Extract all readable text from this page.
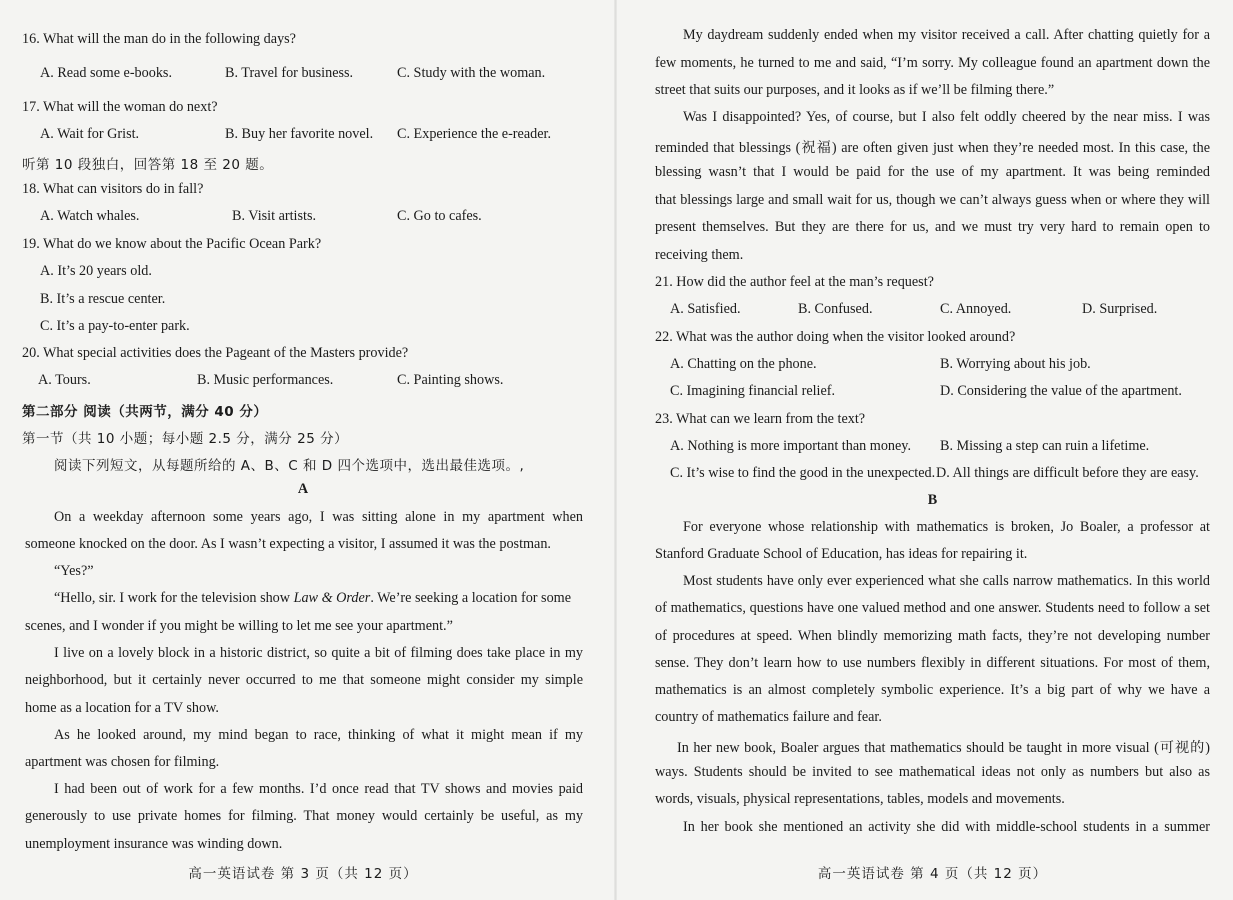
16. What will the man do in the following days?
A. Read some e-books.	B. Travel for business.	C. Study with the woman.
17. What will the woman do next?
A. Wait for Grist.	B. Buy her favorite novel. C. Experience the e-reader.
听第 10 段独白，回答第 18 至 20 题。
18. What can visitors do in fall?
A. Watch whales.	B. Visit artists.	C. Go to cafes.
19. What do we know about the Pacific Ocean Park?
A. It’s 20 years old.
B. It’s a rescue center.
C. It’s a pay-to-enter park.
20. What special activities does the Pageant of the Masters provide?
A. Tours.	B. Music performances.	C. Painting shows.
第二部分 阅读（共两节，满分 40 分）
第一节（共 10 小题；每小题 2.5 分，满分 25 分）
阅读下列短文，从每题所给的 A、B、C 和 D 四个选项中，选出最佳选项。,
A
On a weekday afternoon some years ago, I was sitting alone in my apartment when
someone knocked on the door. As I wasn’t expecting a visitor, I assumed it was the postman.
“Yes?”
“Hello, sir. I work for the television show Law & Order. We’re seeking a location for some
scenes, and I wonder if you might be willing to let me see your apartment.”
I live on a lovely block in a historic district, so quite a bit of filming does take place in my
neighborhood, but it certainly never occurred to me that someone might consider my simple
home as a location for a TV show.
As he looked around, my mind began to race, thinking of what it might mean if my
apartment was chosen for filming.
I had been out of work for a few months. I’d once read that TV shows and movies paid
generously to use private homes for filming. That money would certainly be useful, as my
unemployment insurance was winding down.
高一英语试卷 第 3 页（共 12 页）
My daydream suddenly ended when my visitor received a call. After chatting quietly for a
few moments, he turned to me and said, “I’m sorry. My colleague found an apartment down the
street that suits our purposes, and it looks as if we’ll be filming there.”
Was I disappointed? Yes, of course, but I also felt oddly cheered by the near miss. I was
reminded that blessings (祝福) are often given just when they’re needed most. In this case, the
blessing wasn’t that I would be paid for the use of my apartment. It was being reminded
that blessings large and small wait for us, though we can’t always guess when or where they will
present themselves. But they are there for us, and we must try very hard to remain open to
receiving them.
21. How did the author feel at the man’s request?
A. Satisfied.	B. Confused.	C. Annoyed.	D. Surprised.
22. What was the author doing when the visitor looked around?
A. Chatting on the phone.	B. Worrying about his job.
C. Imagining financial relief.	D. Considering the value of the apartment.
23. What can we learn from the text?
A. Nothing is more important than money. B. Missing a step can ruin a lifetime.
C. It’s wise to find the good in the unexpected. D. All things are difficult before they are easy.
B
For everyone whose relationship with mathematics is broken, Jo Boaler, a professor at
Stanford Graduate School of Education, has ideas for repairing it.
Most students have only ever experienced what she calls narrow mathematics. In this world
of mathematics, questions have one valued method and one answer. Students need to follow a set
of procedures at speed. When blindly memorizing math facts, they’re not developing number
sense. They don’t learn how to use numbers flexibly in different situations. For most of them,
mathematics is an almost completely symbolic experience. It’s a big part of why we have a
country of mathematics failure and fear.
In her new book, Boaler argues that mathematics should be taught in more visual (可视的)
ways. Students should be invited to see mathematical ideas not only as numbers but also as
words, visuals, physical representations, tables, models and movements.
In her book she mentioned an activity she did with middle-school students in a summer
高一英语试卷 第 4 页（共 12 页）
